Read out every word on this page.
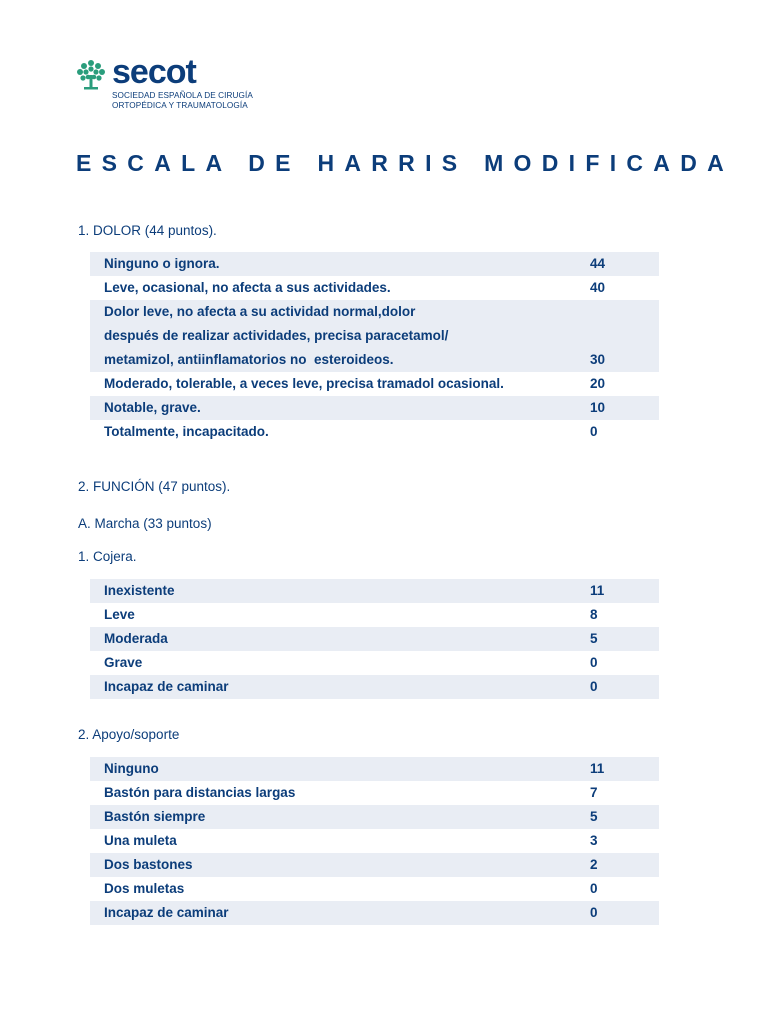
secot
SOCIEDAD ESPAÑOLA DE CIRUGÍA
ORTOPÉDICA Y TRAUMATOLOGÍA
ESCALA DE HARRIS MODIFICADA
1. DOLOR (44 puntos).
Ninguno o ignora.	44
Leve, ocasional, no afecta a sus actividades.	40
Dolor leve, no afecta a su actividad normal,dolor
después de realizar actividades, precisa paracetamol/
metamizol, antiinflamatorios no  esteroideos.	30
Moderado, tolerable, a veces leve, precisa tramadol ocasional.	20
Notable, grave.	10
Totalmente, incapacitado.	0
2. FUNCIÓN (47 puntos).
A. Marcha (33 puntos)
1. Cojera.
Inexistente	11
Leve	8
Moderada	5
Grave	0
Incapaz de caminar	0
2. Apoyo/soporte
Ninguno	11
Bastón para distancias largas	7
Bastón siempre	5
Una muleta	3
Dos bastones	2
Dos muletas	0
Incapaz de caminar	0
